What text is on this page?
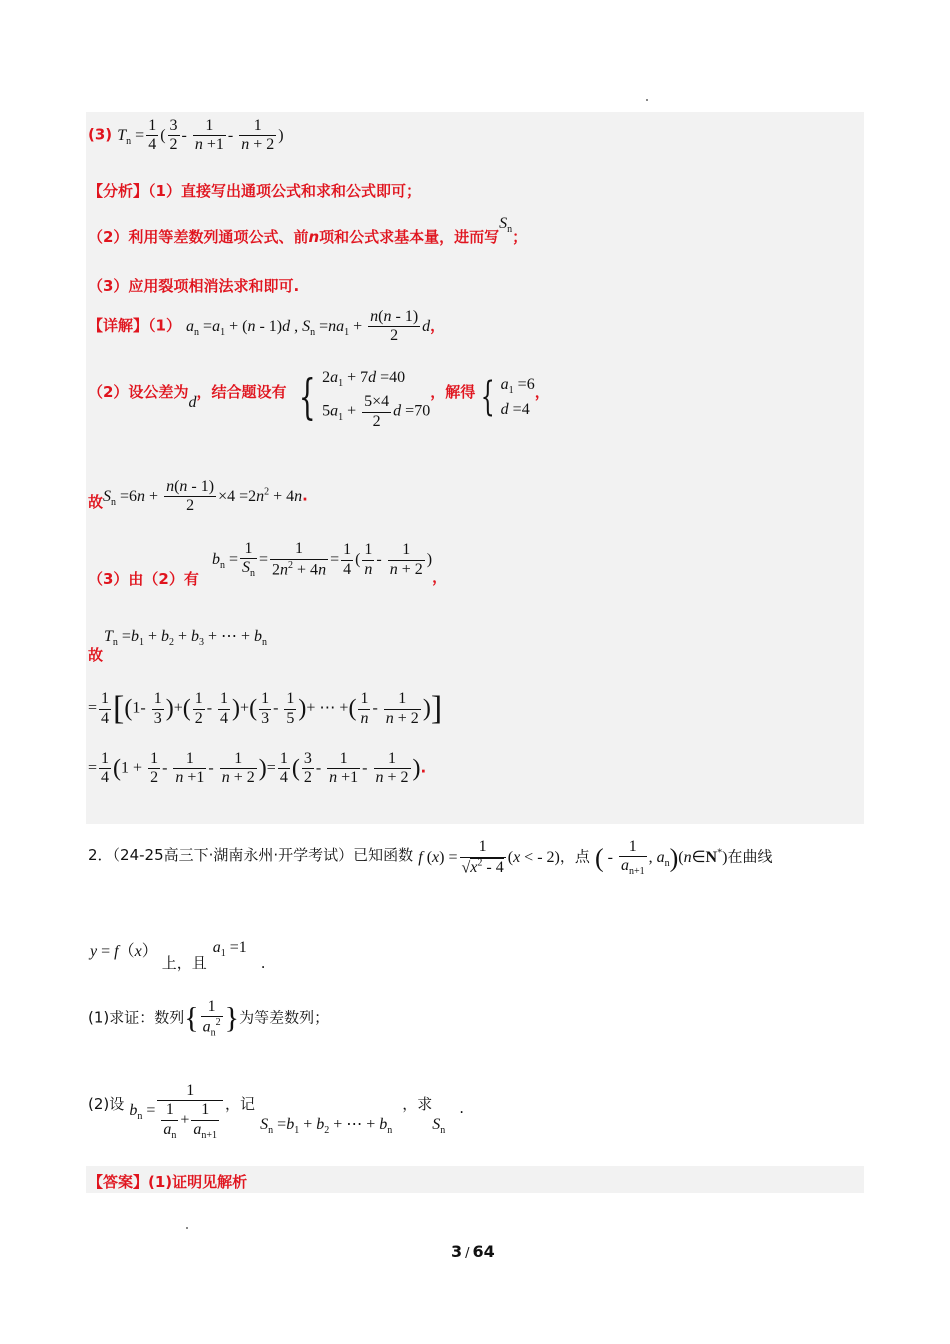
(3) $T_n = \frac{1}{4}$ ( $\frac{3}{2} - \frac{1}{n +1} - \frac{1}{n + 2}$ )
【分析】（1）直接写出通项公式和求和公式即可；
（2）利用等差数列通项公式、前n项和公式求基本量，进而写$S_n$；
（3）应用裂项相消法求和即可.
【详解】（1） $a_n =a_1 + (n - 1)d$ , $S_n =na_1 + \frac{n(n - 1)}{2}$ d，
（2）设公差为d，结合题设有 { $2a_1 + 7d =40$
$5a_1 + \frac{5\times 4}{2}$ d =70，解得 { $a_1 =6$
d =4，
故$S_n =6n + \frac{n(n - 1)}{2} \times 4 =2n^2 + 4n$.
（3）由（2）有 $b_n = \frac{1}{S_n} = \frac{1}{2n^2 + 4n} = \frac{1}{4}$ ( $\frac{1}{n} - \frac{1}{n + 2}$ )，
$T_n =b_1 + b_2 + b_3$ + ⋯ + $b_n$
故
= $\frac{1}{4} [(1- \frac{1}{3}$ )+( $\frac{1}{2} - \frac{1}{4}$ )+( $\frac{1}{3} - \frac{1}{5}$ )+ ⋯ +( $\frac{1}{n} - \frac{1}{n + 2}$ )]
= $\frac{1}{4} (1 + \frac{1}{2} - \frac{1}{n +1} - \frac{1}{n + 2}$ )= $\frac{1}{4}$ ( $\frac{3}{2} - \frac{1}{n +1} - \frac{1}{n + 2}$ ).
2．（24-25高三下·湖南永州·开学考试）已知函数 f $(x) = \frac{1}{√x^2 - 4} (x$ < - 2)，点 ( - $\frac{1}{a_{n+1}}$ , $a_n)(n\in N^*)$在曲线
y = f（x）上，且$a_1 =1$.
(1)求证：数列{ $\frac{1}{a_n^2}$ }为等差数列；
(2)设 $b_n = \frac{1}{\frac{1}{a_n} + \frac{1}{a_{n+1}}}$ ，记 $S_n =b_1 + b_2$ + ⋯ + $b_n$，求$S_n$.
【答案】(1)证明见解析
3 / 64
